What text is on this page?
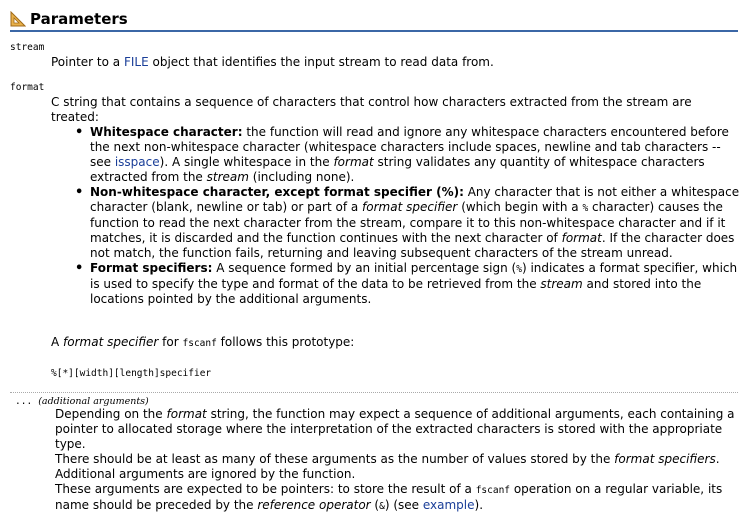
Parameters
stream
Pointer to a FILE object that identifies the input stream to read data from.
format
C string that contains a sequence of characters that control how characters extracted from the stream are treated:
• Whitespace character: the function will read and ignore any whitespace characters encountered before the next non-whitespace character (whitespace characters include spaces, newline and tab characters -- see isspace). A single whitespace in the format string validates any quantity of whitespace characters extracted from the stream (including none).
• Non-whitespace character, except format specifier (%): Any character that is not either a whitespace character (blank, newline or tab) or part of a format specifier (which begin with a % character) causes the function to read the next character from the stream, compare it to this non-whitespace character and if it matches, it is discarded and the function continues with the next character of format. If the character does not match, the function fails, returning and leaving subsequent characters of the stream unread.
• Format specifiers: A sequence formed by an initial percentage sign (%) indicates a format specifier, which is used to specify the type and format of the data to be retrieved from the stream and stored into the locations pointed by the additional arguments.
A format specifier for fscanf follows this prototype:
%[*][width][length]specifier
... (additional arguments)
Depending on the format string, the function may expect a sequence of additional arguments, each containing a pointer to allocated storage where the interpretation of the extracted characters is stored with the appropriate type.
There should be at least as many of these arguments as the number of values stored by the format specifiers. Additional arguments are ignored by the function.
These arguments are expected to be pointers: to store the result of a fscanf operation on a regular variable, its name should be preceded by the reference operator (&) (see example).
